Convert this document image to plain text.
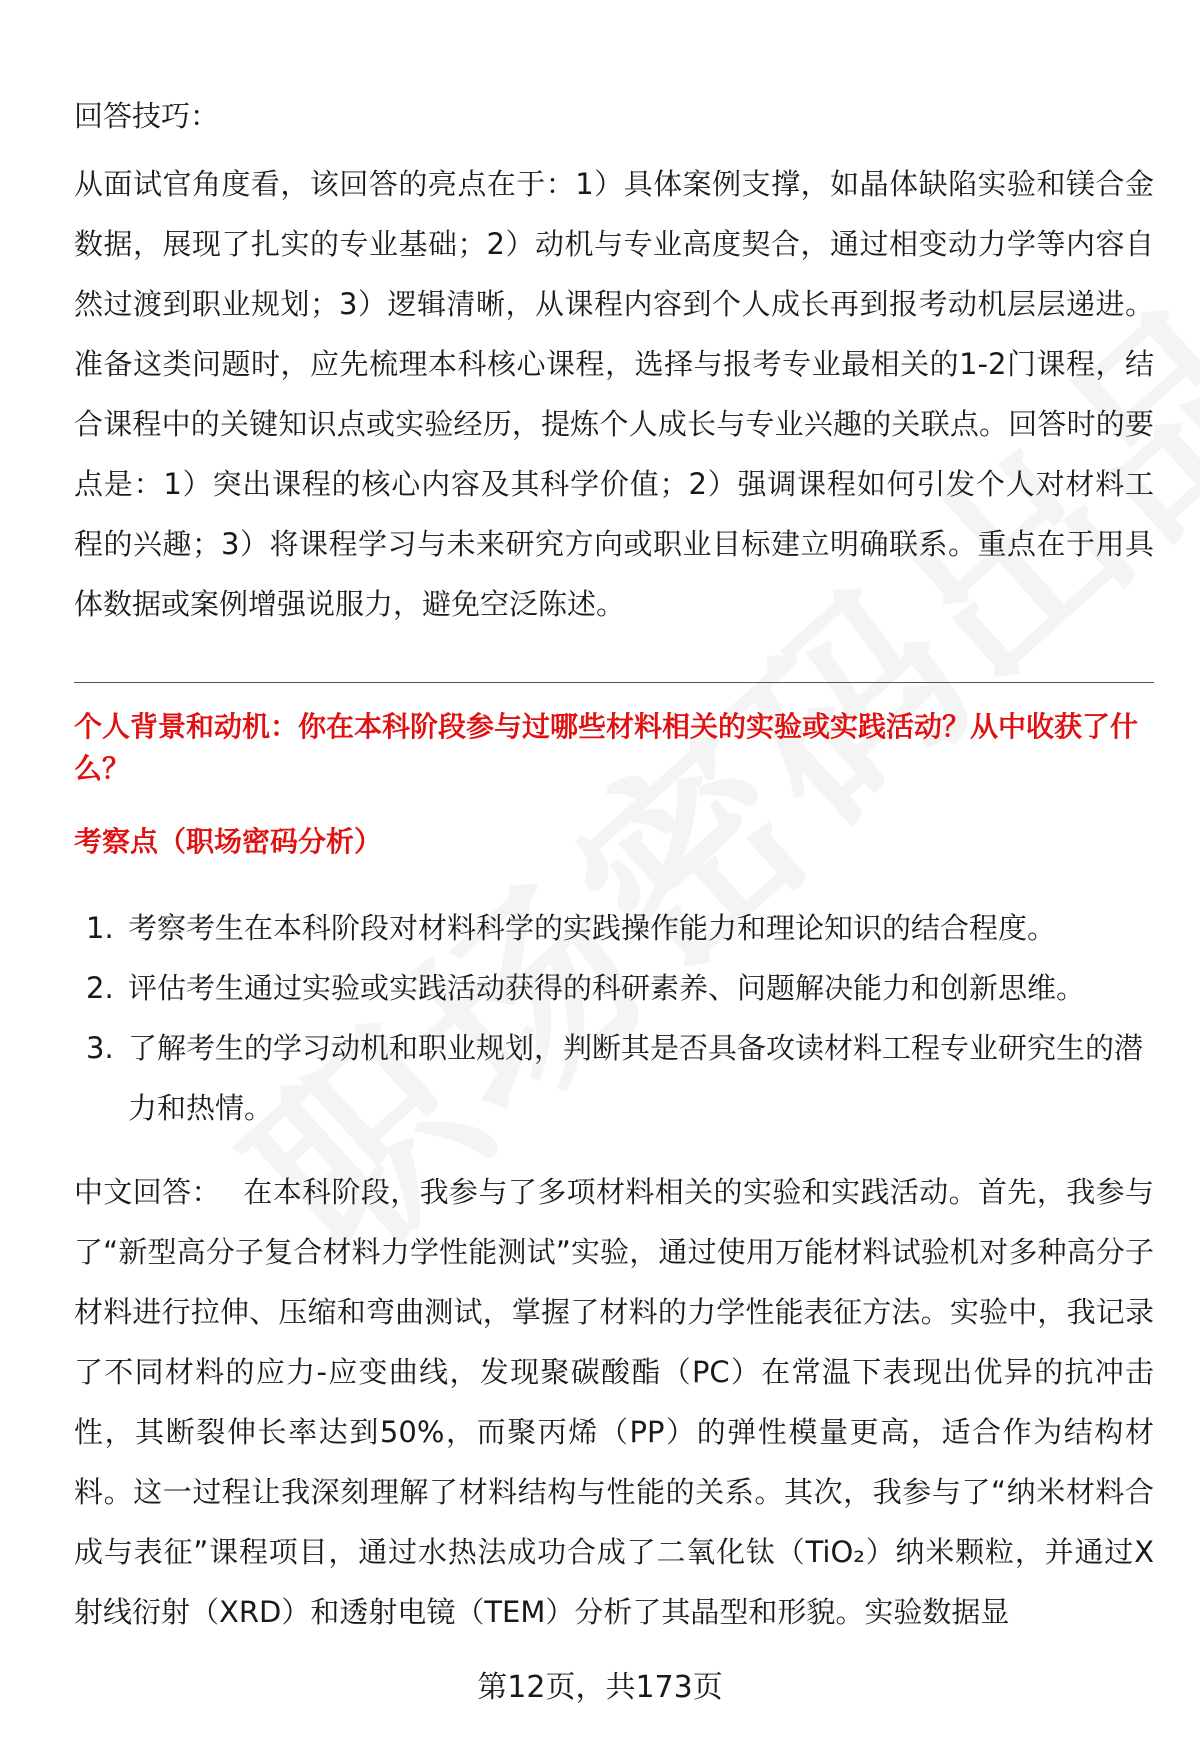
回答技巧：

从面试官角度看，该回答的亮点在于：1）具体案例支撑，如晶体缺陷实验和镁合金数据，展现了扎实的专业基础；2）动机与专业高度契合，通过相变动力学等内容自然过渡到职业规划；3）逻辑清晰，从课程内容到个人成长再到报考动机层层递进。准备这类问题时，应先梳理本科核心课程，选择与报考专业最相关的1-2门课程，结合课程中的关键知识点或实验经历，提炼个人成长与专业兴趣的关联点。回答时的要点是：1）突出课程的核心内容及其科学价值；2）强调课程如何引发个人对材料工程的兴趣；3）将课程学习与未来研究方向或职业目标建立明确联系。重点在于用具体数据或案例增强说服力，避免空泛陈述。

个人背景和动机：你在本科阶段参与过哪些材料相关的实验或实践活动？从中收获了什么？

考察点（职场密码分析）

1. 考察考生在本科阶段对材料科学的实践操作能力和理论知识的结合程度。
2. 评估考生通过实验或实践活动获得的科研素养、问题解决能力和创新思维。
3. 了解考生的学习动机和职业规划，判断其是否具备攻读材料工程专业研究生的潜力和热情。

中文回答： 在本科阶段，我参与了多项材料相关的实验和实践活动。首先，我参与了“新型高分子复合材料力学性能测试”实验，通过使用万能材料试验机对多种高分子材料进行拉伸、压缩和弯曲测试，掌握了材料的力学性能表征方法。实验中，我记录了不同材料的应力-应变曲线，发现聚碳酸酯（PC）在常温下表现出优异的抗冲击性，其断裂伸长率达到50%，而聚丙烯（PP）的弹性模量更高，适合作为结构材料。这一过程让我深刻理解了材料结构与性能的关系。其次，我参与了“纳米材料合成与表征”课程项目，通过水热法成功合成了二氧化钛（TiO₂）纳米颗粒，并通过X射线衍射（XRD）和透射电镜（TEM）分析了其晶型和形貌。实验数据显

第12页，共173页
